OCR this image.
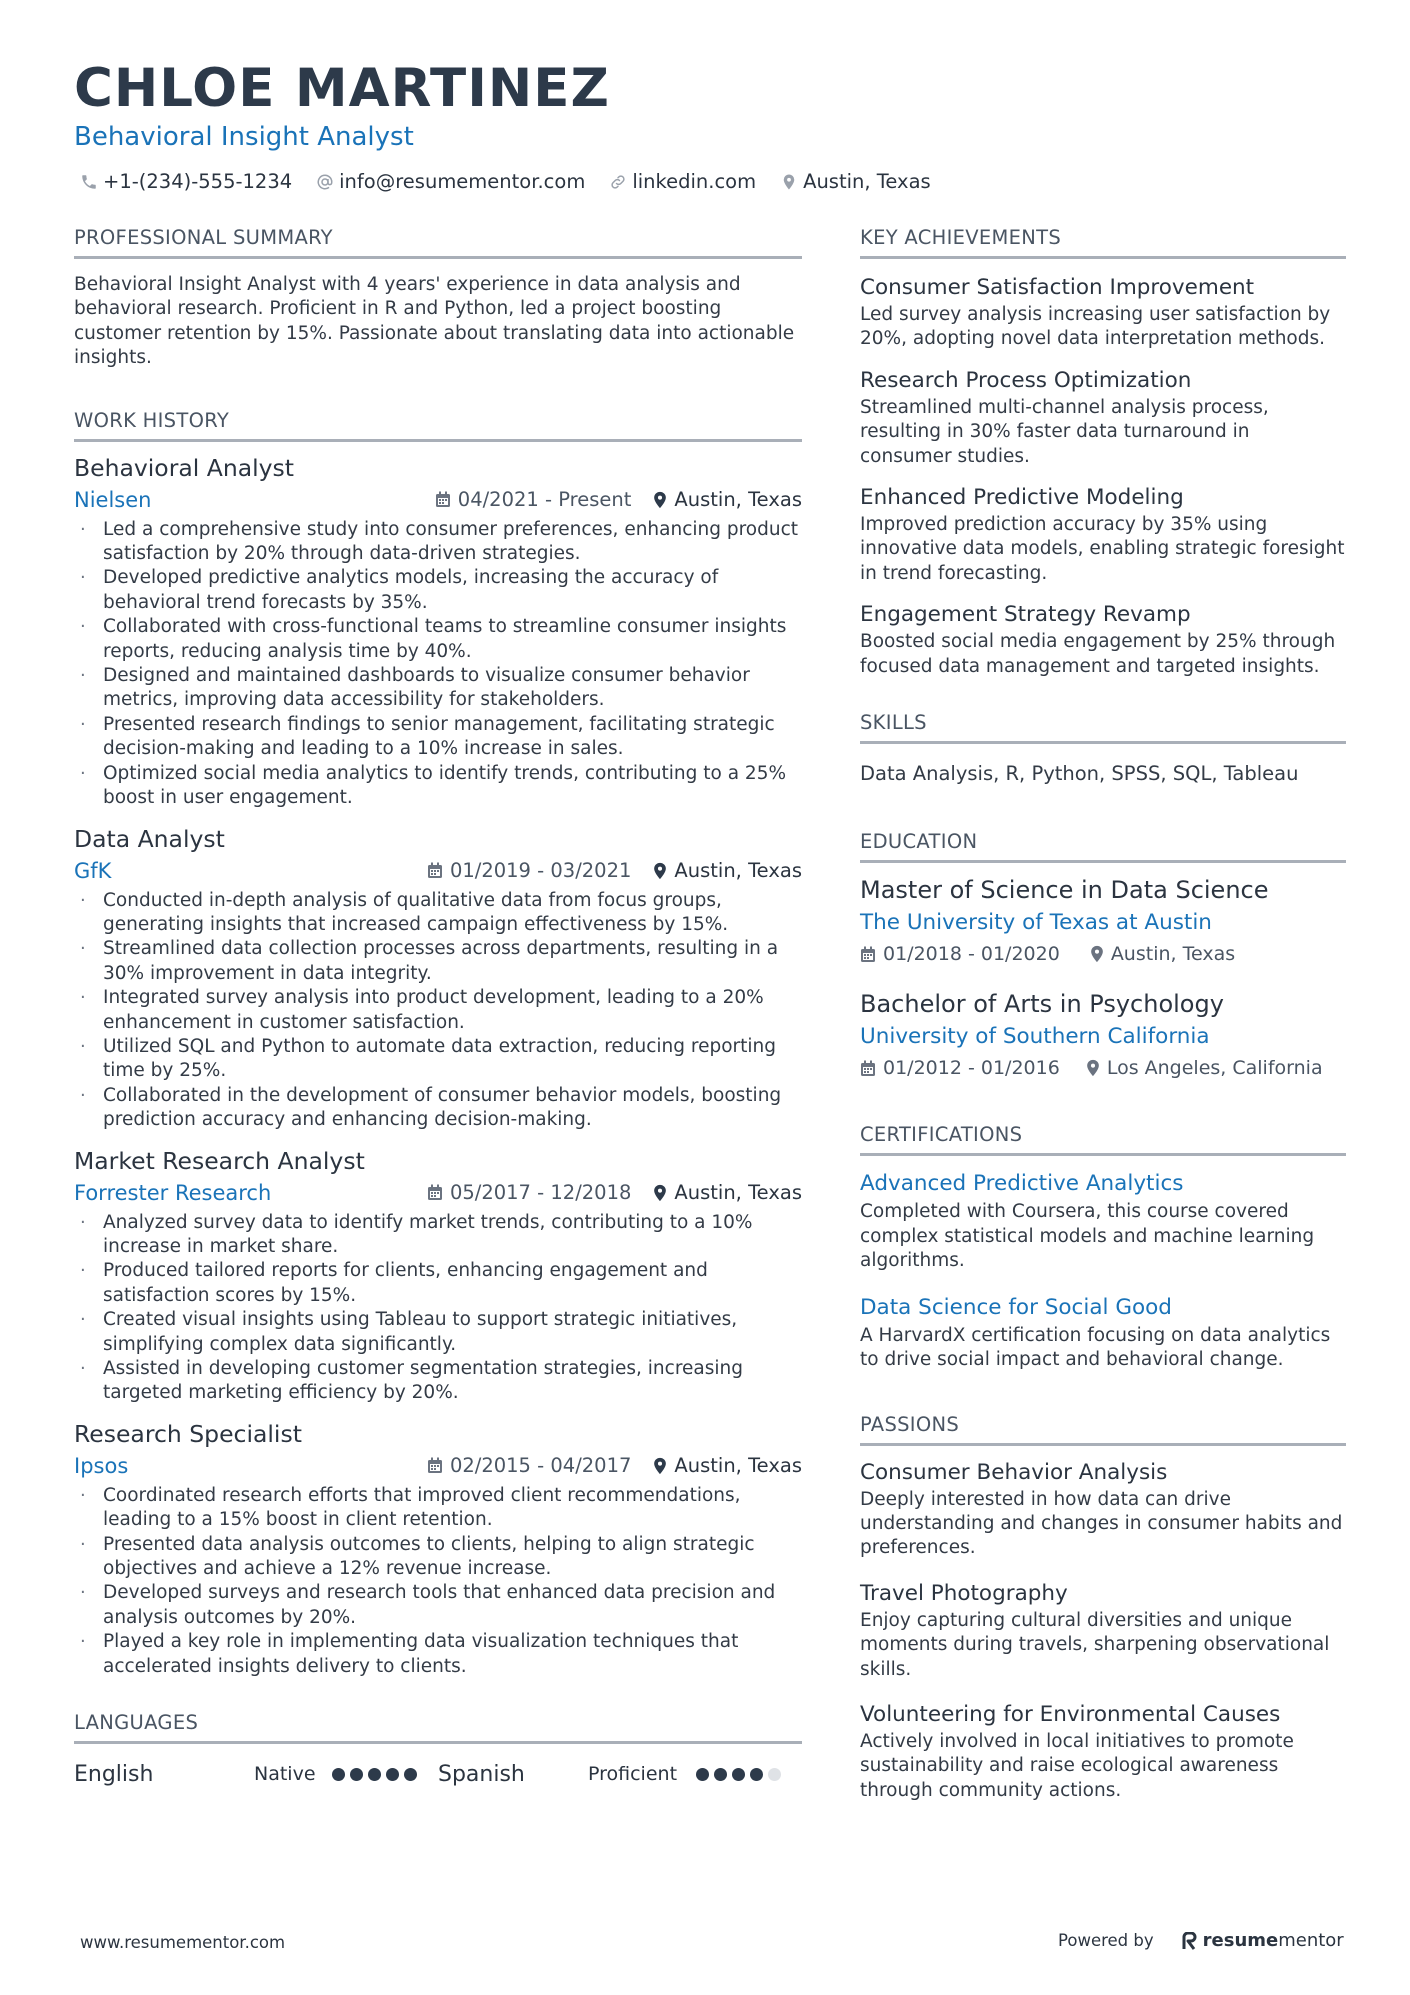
CHLOE MARTINEZ
Behavioral Insight Analyst
+1-(234)-555-1234 info@resumementor.com linkedin.com Austin, Texas
PROFESSIONAL SUMMARY
Behavioral Insight Analyst with 4 years' experience in data analysis and behavioral research. Proficient in R and Python, led a project boosting customer retention by 15%. Passionate about translating data into actionable insights.
WORK HISTORY
Behavioral Analyst
Nielsen	04/2021 - Present Austin, Texas
· Led a comprehensive study into consumer preferences, enhancing product satisfaction by 20% through data-driven strategies.
· Developed predictive analytics models, increasing the accuracy of behavioral trend forecasts by 35%.
· Collaborated with cross-functional teams to streamline consumer insights reports, reducing analysis time by 40%.
· Designed and maintained dashboards to visualize consumer behavior metrics, improving data accessibility for stakeholders.
· Presented research findings to senior management, facilitating strategic decision-making and leading to a 10% increase in sales.
· Optimized social media analytics to identify trends, contributing to a 25% boost in user engagement.
Data Analyst
GfK	01/2019 - 03/2021 Austin, Texas
· Conducted in-depth analysis of qualitative data from focus groups, generating insights that increased campaign effectiveness by 15%.
· Streamlined data collection processes across departments, resulting in a 30% improvement in data integrity.
· Integrated survey analysis into product development, leading to a 20% enhancement in customer satisfaction.
· Utilized SQL and Python to automate data extraction, reducing reporting time by 25%.
· Collaborated in the development of consumer behavior models, boosting prediction accuracy and enhancing decision-making.
Market Research Analyst
Forrester Research	05/2017 - 12/2018 Austin, Texas
· Analyzed survey data to identify market trends, contributing to a 10% increase in market share.
· Produced tailored reports for clients, enhancing engagement and satisfaction scores by 15%.
· Created visual insights using Tableau to support strategic initiatives, simplifying complex data significantly.
· Assisted in developing customer segmentation strategies, increasing targeted marketing efficiency by 20%.
Research Specialist
Ipsos	02/2015 - 04/2017 Austin, Texas
· Coordinated research efforts that improved client recommendations, leading to a 15% boost in client retention.
· Presented data analysis outcomes to clients, helping to align strategic objectives and achieve a 12% revenue increase.
· Developed surveys and research tools that enhanced data precision and analysis outcomes by 20%.
· Played a key role in implementing data visualization techniques that accelerated insights delivery to clients.
LANGUAGES
English	Native	Spanish	Proficient
KEY ACHIEVEMENTS
Consumer Satisfaction Improvement
Led survey analysis increasing user satisfaction by 20%, adopting novel data interpretation methods.
Research Process Optimization
Streamlined multi-channel analysis process, resulting in 30% faster data turnaround in consumer studies.
Enhanced Predictive Modeling
Improved prediction accuracy by 35% using innovative data models, enabling strategic foresight in trend forecasting.
Engagement Strategy Revamp
Boosted social media engagement by 25% through focused data management and targeted insights.
SKILLS
Data Analysis, R, Python, SPSS, SQL, Tableau
EDUCATION
Master of Science in Data Science
The University of Texas at Austin
01/2018 - 01/2020	Austin, Texas
Bachelor of Arts in Psychology
University of Southern California
01/2012 - 01/2016 Los Angeles, California
CERTIFICATIONS
Advanced Predictive Analytics
Completed with Coursera, this course covered complex statistical models and machine learning algorithms.
Data Science for Social Good
A HarvardX certification focusing on data analytics to drive social impact and behavioral change.
PASSIONS
Consumer Behavior Analysis
Deeply interested in how data can drive understanding and changes in consumer habits and preferences.
Travel Photography
Enjoy capturing cultural diversities and unique moments during travels, sharpening observational skills.
Volunteering for Environmental Causes
Actively involved in local initiatives to promote sustainability and raise ecological awareness through community actions.
www.resumementor.com	Powered by	resumementor
